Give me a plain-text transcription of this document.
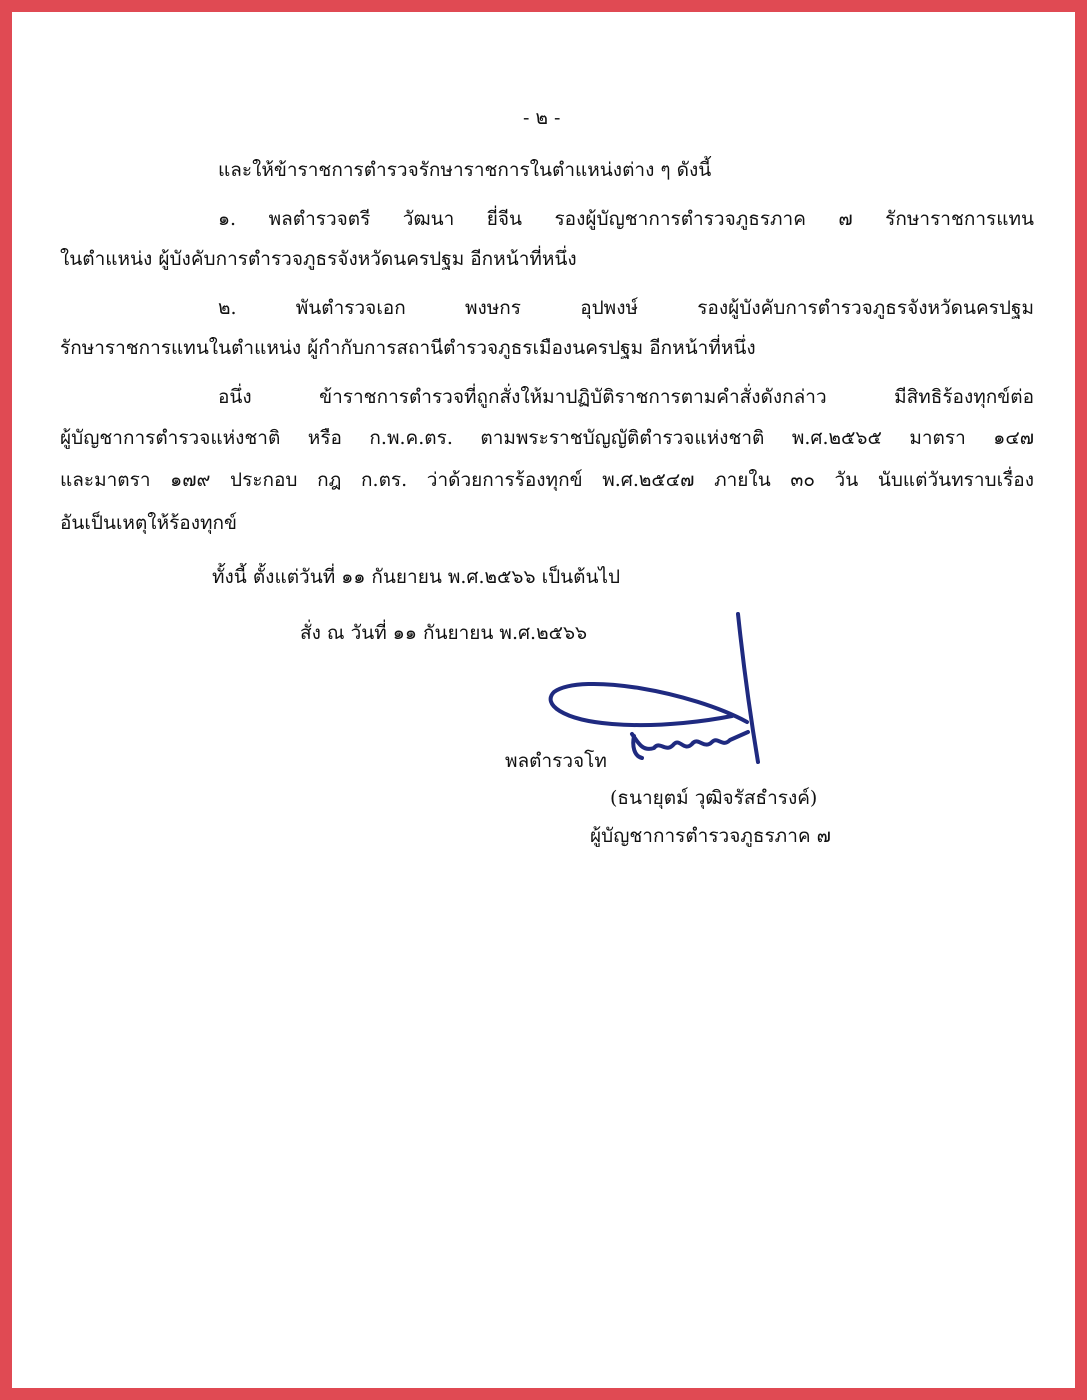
- ๒ -
และให้ข้าราชการตำรวจรักษาราชการในตำแหน่งต่าง ๆ ดังนี้
๑. พลตำรวจตรี วัฒนา ยี่จีน รองผู้บัญชาการตำรวจภูธรภาค ๗ รักษาราชการแทน
ในตำแหน่ง ผู้บังคับการตำรวจภูธรจังหวัดนครปฐม อีกหน้าที่หนึ่ง
๒. พันตำรวจเอก พงษกร อุปพงษ์ รองผู้บังคับการตำรวจภูธรจังหวัดนครปฐม
รักษาราชการแทนในตำแหน่ง ผู้กำกับการสถานีตำรวจภูธรเมืองนครปฐม อีกหน้าที่หนึ่ง
อนึ่ง ข้าราชการตำรวจที่ถูกสั่งให้มาปฏิบัติราชการตามคำสั่งดังกล่าว มีสิทธิร้องทุกข์ต่อ
ผู้บัญชาการตำรวจแห่งชาติ หรือ ก.พ.ค.ตร. ตามพระราชบัญญัติตำรวจแห่งชาติ พ.ศ.๒๕๖๕ มาตรา ๑๔๗
และมาตรา ๑๗๙ ประกอบ กฎ ก.ตร. ว่าด้วยการร้องทุกข์ พ.ศ.๒๕๔๗ ภายใน ๓๐ วัน นับแต่วันทราบเรื่อง
อันเป็นเหตุให้ร้องทุกข์
ทั้งนี้ ตั้งแต่วันที่ ๑๑ กันยายน พ.ศ.๒๕๖๖ เป็นต้นไป
สั่ง ณ วันที่ ๑๑ กันยายน พ.ศ.๒๕๖๖
พลตำรวจโท
(ธนายุตม์ วุฒิจรัสธำรงค์)
ผู้บัญชาการตำรวจภูธรภาค ๗
